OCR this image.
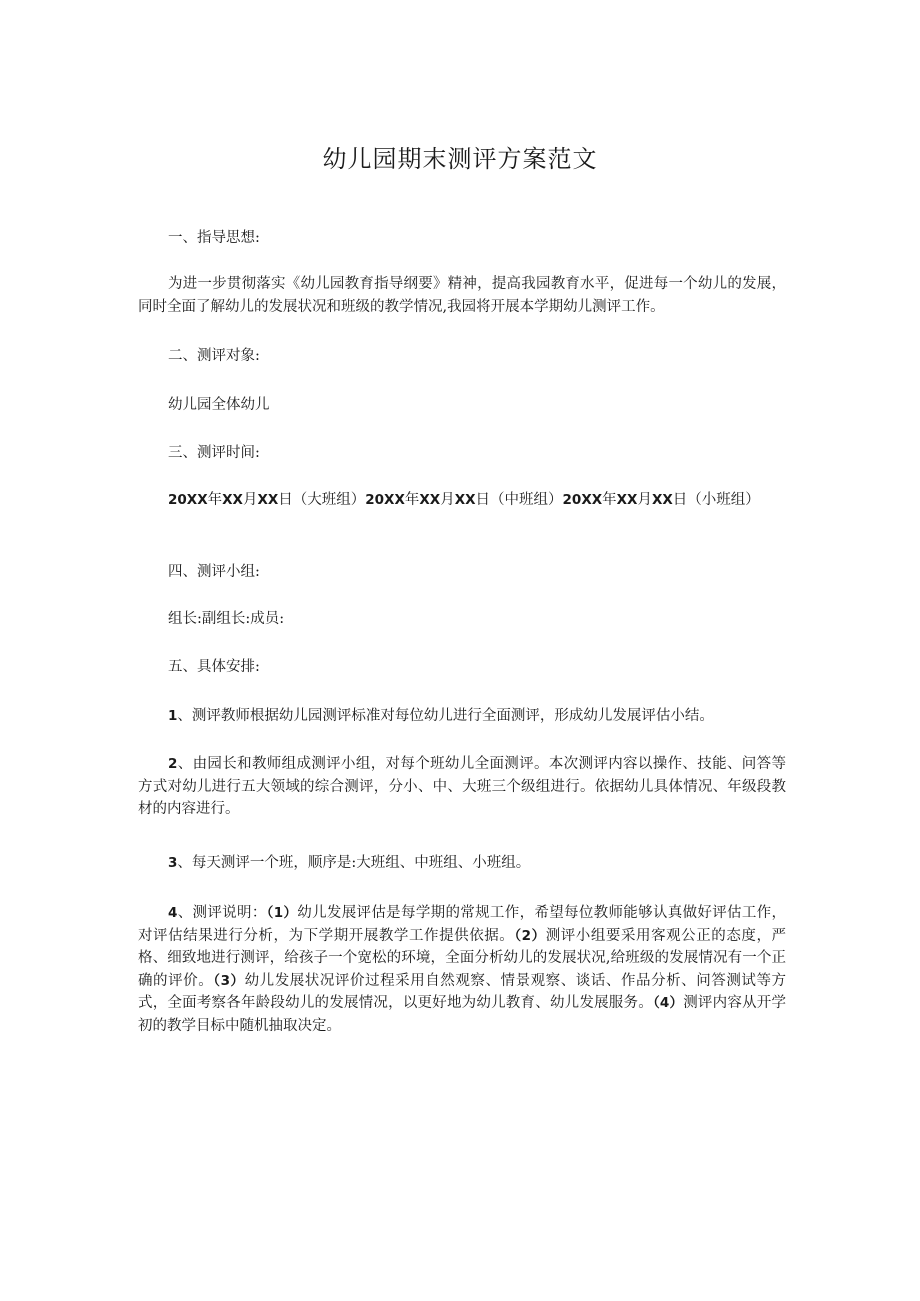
幼儿园期末测评方案范文
一、指导思想:
为进一步贯彻落实《幼儿园教育指导纲要》精神，提高我园教育水平，促进每一个幼儿的发展，同时全面了解幼儿的发展状况和班级的教学情况,我园将开展本学期幼儿测评工作。
二、测评对象:
幼儿园全体幼儿
三、测评时间:
20XX年XX月XX日（大班组）20XX年XX月XX日（中班组）20XX年XX月XX日（小班组）
四、测评小组:
组长:副组长:成员:
五、具体安排:
1、测评教师根据幼儿园测评标准对每位幼儿进行全面测评，形成幼儿发展评估小结。
2、由园长和教师组成测评小组，对每个班幼儿全面测评。本次测评内容以操作、技能、问答等方式对幼儿进行五大领域的综合测评，分小、中、大班三个级组进行。依据幼儿具体情况、年级段教材的内容进行。
3、每天测评一个班，顺序是:大班组、中班组、小班组。
4、测评说明：（1）幼儿发展评估是每学期的常规工作，希望每位教师能够认真做好评估工作，对评估结果进行分析，为下学期开展教学工作提供依据。（2）测评小组要采用客观公正的态度，严格、细致地进行测评，给孩子一个宽松的环境，全面分析幼儿的发展状况,给班级的发展情况有一个正确的评价。（3）幼儿发展状况评价过程采用自然观察、情景观察、谈话、作品分析、问答测试等方式，全面考察各年龄段幼儿的发展情况，以更好地为幼儿教育、幼儿发展服务。（4）测评内容从开学初的教学目标中随机抽取决定。
